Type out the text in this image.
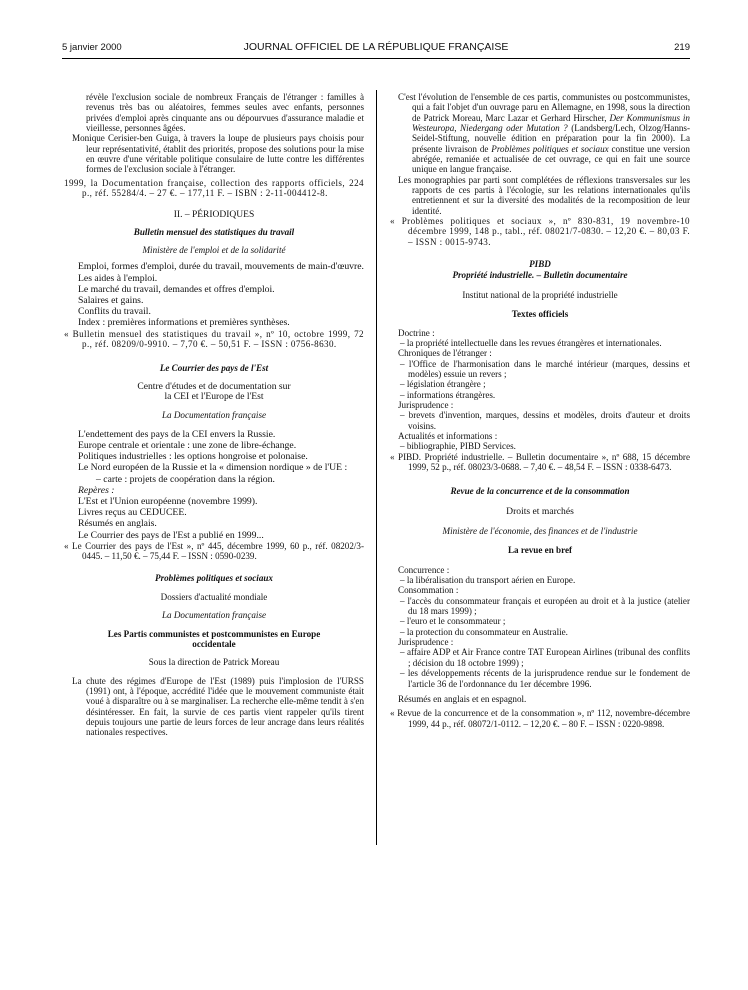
5 janvier 2000	JOURNAL OFFICIEL DE LA RÉPUBLIQUE FRANÇAISE	219

révèle l'exclusion sociale de nombreux Français de l'étranger : familles à revenus très bas ou aléatoires, femmes seules avec enfants, personnes privées d'emploi après cinquante ans ou dépourvues d'assurance maladie et vieillesse, personnes âgées.

Monique Cerisier-ben Guiga, à travers la loupe de plusieurs pays choisis pour leur représentativité, établit des priorités, propose des solutions pour la mise en œuvre d'une véritable politique consulaire de lutte contre les différentes formes de l'exclusion sociale à l'étranger.

1999, la Documentation française, collection des rapports officiels, 224 p., réf. 55284/4. – 27 €. – 177,11 F. – ISBN : 2-11-004412-8.

II. – PÉRIODIQUES

Bulletin mensuel des statistiques du travail

Ministère de l'emploi et de la solidarité

Emploi, formes d'emploi, durée du travail, mouvements de main-d'œuvre.

Les aides à l'emploi.

Le marché du travail, demandes et offres d'emploi.

Salaires et gains.

Conflits du travail.

Index : premières informations et premières synthèses.

« Bulletin mensuel des statistiques du travail », nº 10, octobre 1999, 72 p., réf. 08209/0-9910. – 7,70 €. – 50,51 F. – ISSN : 0756-8630.

Le Courrier des pays de l'Est

Centre d'études et de documentation sur la CEI et l'Europe de l'Est

La Documentation française

L'endettement des pays de la CEI envers la Russie.

Europe centrale et orientale : une zone de libre-échange.

Politiques industrielles : les options hongroise et polonaise.

Le Nord européen de la Russie et la « dimension nordique » de l'UE :

– carte : projets de coopération dans la région.

Repères :

L'Est et l'Union européenne (novembre 1999).

Livres reçus au CEDUCEE.

Résumés en anglais.

Le Courrier des pays de l'Est a publié en 1999...

« Le Courrier des pays de l'Est », nº 445, décembre 1999, 60 p., réf. 08202/3-0445. – 11,50 €. – 75,44 F. – ISSN : 0590-0239.

Problèmes politiques et sociaux

Dossiers d'actualité mondiale

La Documentation française

Les Partis communistes et postcommunistes en Europe occidentale

Sous la direction de Patrick Moreau

La chute des régimes d'Europe de l'Est (1989) puis l'implosion de l'URSS (1991) ont, à l'époque, accrédité l'idée que le mouvement communiste était voué à disparaître ou à se marginaliser. La recherche elle-même tendit à s'en désintéresser. En fait, la survie de ces partis vient rappeler qu'ils tirent depuis toujours une partie de leurs forces de leur ancrage dans leurs réalités nationales respectives.

C'est l'évolution de l'ensemble de ces partis, communistes ou postcommunistes, qui a fait l'objet d'un ouvrage paru en Allemagne, en 1998, sous la direction de Patrick Moreau, Marc Lazar et Gerhard Hirscher, Der Kommunismus in Westeuropa, Niedergang oder Mutation ? (Landsberg/Lech, Olzog/Hanns-Seidel-Stiftung, nouvelle édition en préparation pour la fin 2000). La présente livraison de Problèmes politiques et sociaux constitue une version abrégée, remaniée et actualisée de cet ouvrage, ce qui en fait une source unique en langue française.

Les monographies par parti sont complétées de réflexions transversales sur les rapports de ces partis à l'écologie, sur les relations internationales qu'ils entretiennent et sur la diversité des modalités de la recomposition de leur identité.

« Problèmes politiques et sociaux », nº 830-831, 19 novembre-10 décembre 1999, 148 p., tabl., réf. 08021/7-0830. – 12,20 €. – 80,03 F. – ISSN : 0015-9743.

PIBD

Propriété industrielle. – Bulletin documentaire

Institut national de la propriété industrielle

Textes officiels

Doctrine :

– la propriété intellectuelle dans les revues étrangères et internationales.

Chroniques de l'étranger :

– l'Office de l'harmonisation dans le marché intérieur (marques, dessins et modèles) essuie un revers ;

– législation étrangère ;

– informations étrangères.

Jurisprudence :

– brevets d'invention, marques, dessins et modèles, droits d'auteur et droits voisins.

Actualités et informations :

– bibliographie, PIBD Services.

« PIBD. Propriété industrielle. – Bulletin documentaire », nº 688, 15 décembre 1999, 52 p., réf. 08023/3-0688. – 7,40 €. – 48,54 F. – ISSN : 0338-6473.

Revue de la concurrence et de la consommation

Droits et marchés

Ministère de l'économie, des finances et de l'industrie

La revue en bref

Concurrence :

– la libéralisation du transport aérien en Europe.

Consommation :

– l'accès du consommateur français et européen au droit et à la justice (atelier du 18 mars 1999) ;

– l'euro et le consommateur ;

– la protection du consommateur en Australie.

Jurisprudence :

– affaire ADP et Air France contre TAT European Airlines (tribunal des conflits ; décision du 18 octobre 1999) ;

– les développements récents de la jurisprudence rendue sur le fondement de l'article 36 de l'ordonnance du 1er décembre 1996.

Résumés en anglais et en espagnol.

« Revue de la concurrence et de la consommation », nº 112, novembre-décembre 1999, 44 p., réf. 08072/1-0112. – 12,20 €. – 80 F. – ISSN : 0220-9898.
